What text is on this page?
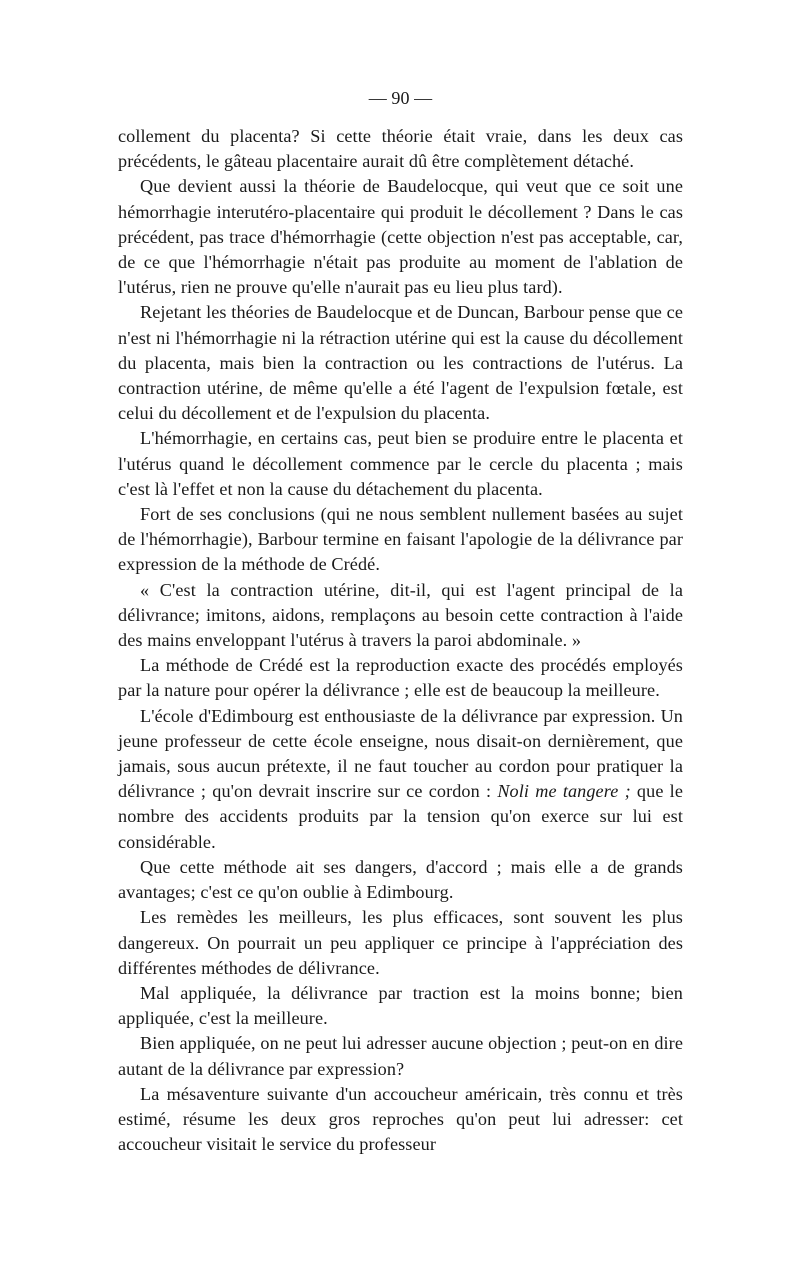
— 90 —

collement du placenta? Si cette théorie était vraie, dans les deux cas précédents, le gâteau placentaire aurait dû être complètement détaché.

Que devient aussi la théorie de Baudelocque, qui veut que ce soit une hémorrhagie interutéro-placentaire qui produit le décollement ? Dans le cas précédent, pas trace d'hémorrhagie (cette objection n'est pas acceptable, car, de ce que l'hémorrhagie n'était pas produite au moment de l'ablation de l'utérus, rien ne prouve qu'elle n'aurait pas eu lieu plus tard).

Rejetant les théories de Baudelocque et de Duncan, Barbour pense que ce n'est ni l'hémorrhagie ni la rétraction utérine qui est la cause du décollement du placenta, mais bien la contraction ou les contractions de l'utérus. La contraction utérine, de même qu'elle a été l'agent de l'expulsion fœtale, est celui du décollement et de l'expulsion du placenta.

L'hémorrhagie, en certains cas, peut bien se produire entre le placenta et l'utérus quand le décollement commence par le cercle du placenta ; mais c'est là l'effet et non la cause du détachement du placenta.

Fort de ses conclusions (qui ne nous semblent nullement basées au sujet de l'hémorrhagie), Barbour termine en faisant l'apologie de la délivrance par expression de la méthode de Crédé.

« C'est la contraction utérine, dit-il, qui est l'agent principal de la délivrance; imitons, aidons, remplaçons au besoin cette contraction à l'aide des mains enveloppant l'utérus à travers la paroi abdominale. »

La méthode de Crédé est la reproduction exacte des procédés employés par la nature pour opérer la délivrance ; elle est de beaucoup la meilleure.

L'école d'Edimbourg est enthousiaste de la délivrance par expression. Un jeune professeur de cette école enseigne, nous disait-on dernièrement, que jamais, sous aucun prétexte, il ne faut toucher au cordon pour pratiquer la délivrance ; qu'on devrait inscrire sur ce cordon : Noli me tangere ; que le nombre des accidents produits par la tension qu'on exerce sur lui est considérable.

Que cette méthode ait ses dangers, d'accord ; mais elle a de grands avantages; c'est ce qu'on oublie à Edimbourg.

Les remèdes les meilleurs, les plus efficaces, sont souvent les plus dangereux. On pourrait un peu appliquer ce principe à l'appréciation des différentes méthodes de délivrance.

Mal appliquée, la délivrance par traction est la moins bonne; bien appliquée, c'est la meilleure.

Bien appliquée, on ne peut lui adresser aucune objection ; peut-on en dire autant de la délivrance par expression?

La mésaventure suivante d'un accoucheur américain, très connu et très estimé, résume les deux gros reproches qu'on peut lui adresser: cet accoucheur visitait le service du professeur
